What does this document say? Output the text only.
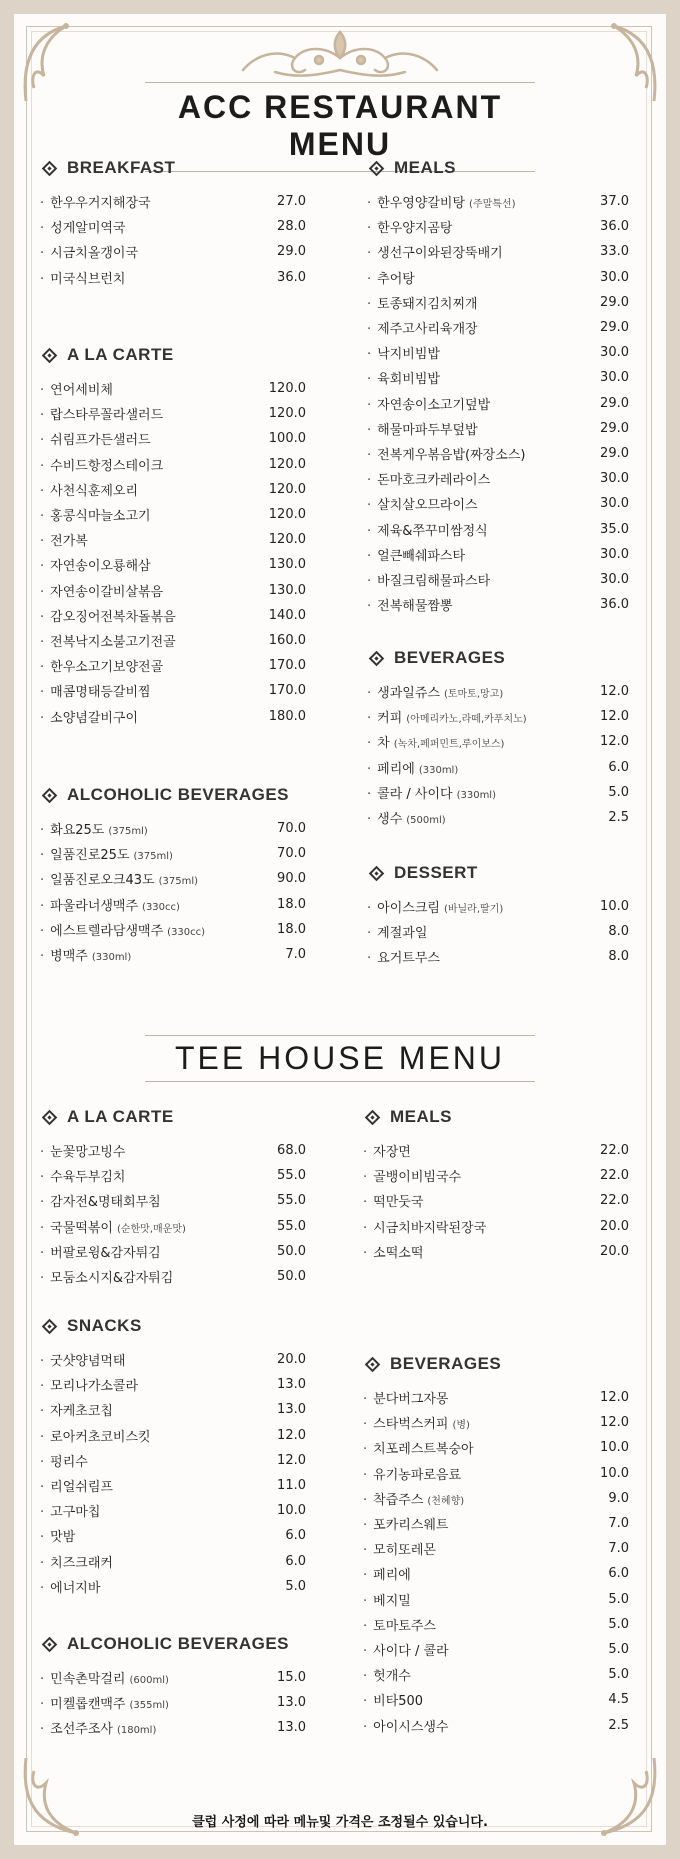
ACC RESTAURANT MENU
TEE HOUSE MENU
BREAKFAST
· 한우우거지해장국	27.0
· 성게알미역국	28.0
· 시금치올갱이국	29.0
· 미국식브런치	36.0
A LA CARTE
· 연어세비체	120.0
· 랍스타루꼴라샐러드	120.0
· 쉬림프가든샐러드	100.0
· 수비드항정스테이크	120.0
· 사천식훈제오리	120.0
· 홍콩식마늘소고기	120.0
· 전가복	120.0
· 자연송이오룡해삼	130.0
· 자연송이갈비살볶음	130.0
· 감오징어전복차돌볶음	140.0
· 전복낙지소불고기전골	160.0
· 한우소고기보양전골	170.0
· 매콤명태등갈비찜	170.0
· 소양념갈비구이	180.0
ALCOHOLIC BEVERAGES
· 화요25도 (375ml)	70.0
· 일품진로25도 (375ml)	70.0
· 일품진로오크43도 (375ml)	90.0
· 파울라너생맥주 (330cc)	18.0
· 에스트렐라담생맥주 (330cc)	18.0
· 병맥주 (330ml)	7.0
MEALS
· 한우영양갈비탕 (주말특선)	37.0
· 한우양지곰탕	36.0
· 생선구이와된장뚝배기	33.0
· 추어탕	30.0
· 토종돼지김치찌개	29.0
· 제주고사리육개장	29.0
· 낙지비빔밥	30.0
· 육회비빔밥	30.0
· 자연송이소고기덮밥	29.0
· 해물마파두부덮밥	29.0
· 전복게우볶음밥(짜장소스)	29.0
· 돈마호크카레라이스	30.0
· 살치살오므라이스	30.0
· 제육&쭈꾸미쌈정식	35.0
· 얼큰빼쉐파스타	30.0
· 바질크림해물파스타	30.0
· 전복해물짬뽕	36.0
BEVERAGES
· 생과일쥬스 (토마토,망고)	12.0
· 커피 (아메리카노,라떼,카푸치노)	12.0
· 차 (녹차,페퍼민트,루이보스)	12.0
· 페리에 (330ml)	6.0
· 콜라 / 사이다 (330ml)	5.0
· 생수 (500ml)	2.5
DESSERT
· 아이스크림 (바닐라,딸기)	10.0
· 계절과일	8.0
· 요거트무스	8.0
A LA CARTE
· 눈꽃망고빙수	68.0
· 수육두부김치	55.0
· 감자전&명태회무침	55.0
· 국물떡볶이 (순한맛,매운맛)	55.0
· 버팔로윙&감자튀김	50.0
· 모둠소시지&감자튀김	50.0
SNACKS
· 굿샷양념먹태	20.0
· 모리나가소콜라	13.0
· 자케초코칩	13.0
· 로아커초코비스킷	12.0
· 펑리수	12.0
· 리얼쉬림프	11.0
· 고구마칩	10.0
· 맛밤	6.0
· 치즈크래커	6.0
· 에너지바	5.0
ALCOHOLIC BEVERAGES
· 민속촌막걸리 (600ml)	15.0
· 미켈롭캔맥주 (355ml)	13.0
· 조선주조사 (180ml)	13.0
MEALS
· 자장면	22.0
· 골뱅이비빔국수	22.0
· 떡만둣국	22.0
· 시금치바지락된장국	20.0
· 소떡소떡	20.0
BEVERAGES
· 분다버그자몽	12.0
· 스타벅스커피 (병)	12.0
· 치포레스트복숭아	10.0
· 유기농파로음료	10.0
· 착즙주스 (천혜향)	9.0
· 포카리스웨트	7.0
· 모히또레몬	7.0
· 페리에	6.0
· 베지밀	5.0
· 토마토주스	5.0
· 사이다 / 콜라	5.0
· 헛개수	5.0
· 비타500	4.5
· 아이시스생수	2.5
클럽 사정에 따라 메뉴및 가격은 조정될수 있습니다.
